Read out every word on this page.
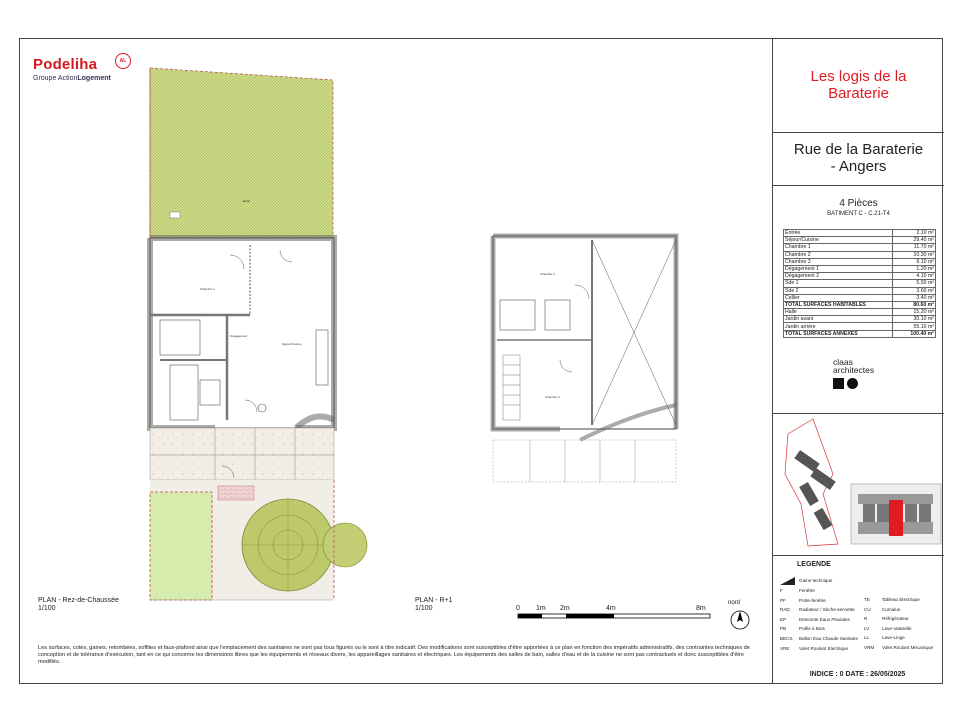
Podeliha	AL
Groupe ActionLogement
Jardin
Chambre 1
Séjour/Cuisine
Dégagement
Chambre 2
Chambre 3
PLAN - Rez-de-Chaussée
1/100
PLAN - R+1
1/100	0 1m 2m	4m	8m
nord
Les surfaces, cotes, gaines, retombées, soffites et faux-plafond ainsi que l'emplacement des sanitaires ne sont pas tous figurés ou le sont à titre indicatif. Des modifications sont susceptibles d'être apportées à ce plan en fonction des impératifs administratifs, des contraintes techniques de conception et de tolérance d'exécution, tant en ce qui concerne les dimensions libres que les équipements et réseaux divers, les appareillages sanitaires et électriques. Les équipements des salles de bain, salles d'eau et de la cuisine ne sont pas contractuels et donc susceptibles d'être modifiés.
Les logis de la
Baraterie
Rue de la Baraterie
- Angers
4 Pièces
BATIMENT C - C.21-T4
claas
architectes

Entrée	2.10 m²
Séjour/Cuisine	29.40 m²
Chambre 1	11.70 m²
Chambre 2	10.30 m²
Chambre 3	9.10 m²
Dégagement 1	1.20 m²
Dégagement 2	4.10 m²
Sde 1	5.50 m²
Sde 2	3.60 m²
Cellier	3.40 m²
TOTAL SURFACES HABITABLES	80.60 m²
Halle	15.20 m²
Jardin avant	30.10 m²
Jardin arrière	55.10 m²
TOTAL SURFACES ANNEXES	100.40 m²
LEGENDE
Gaine technique
INDICE : 0 DATE : 26/05/2025
F	Fenêtre
PF	Porte-fenêtre
RAD. Radiateur / Sèche-serviette
EP	Descente Eaux Pluviales
PB	Poêle à Bois
BECS Ballon Eau Chaude Sanitaire
VRE Volet Roulant Electrique
TE	Tableau Electrique
CU Cumulus
R	Réfrigérateur
LV	Lave-Vaisselle
LL	Lave-Linge
VRM Volet Roulant Mécanique
